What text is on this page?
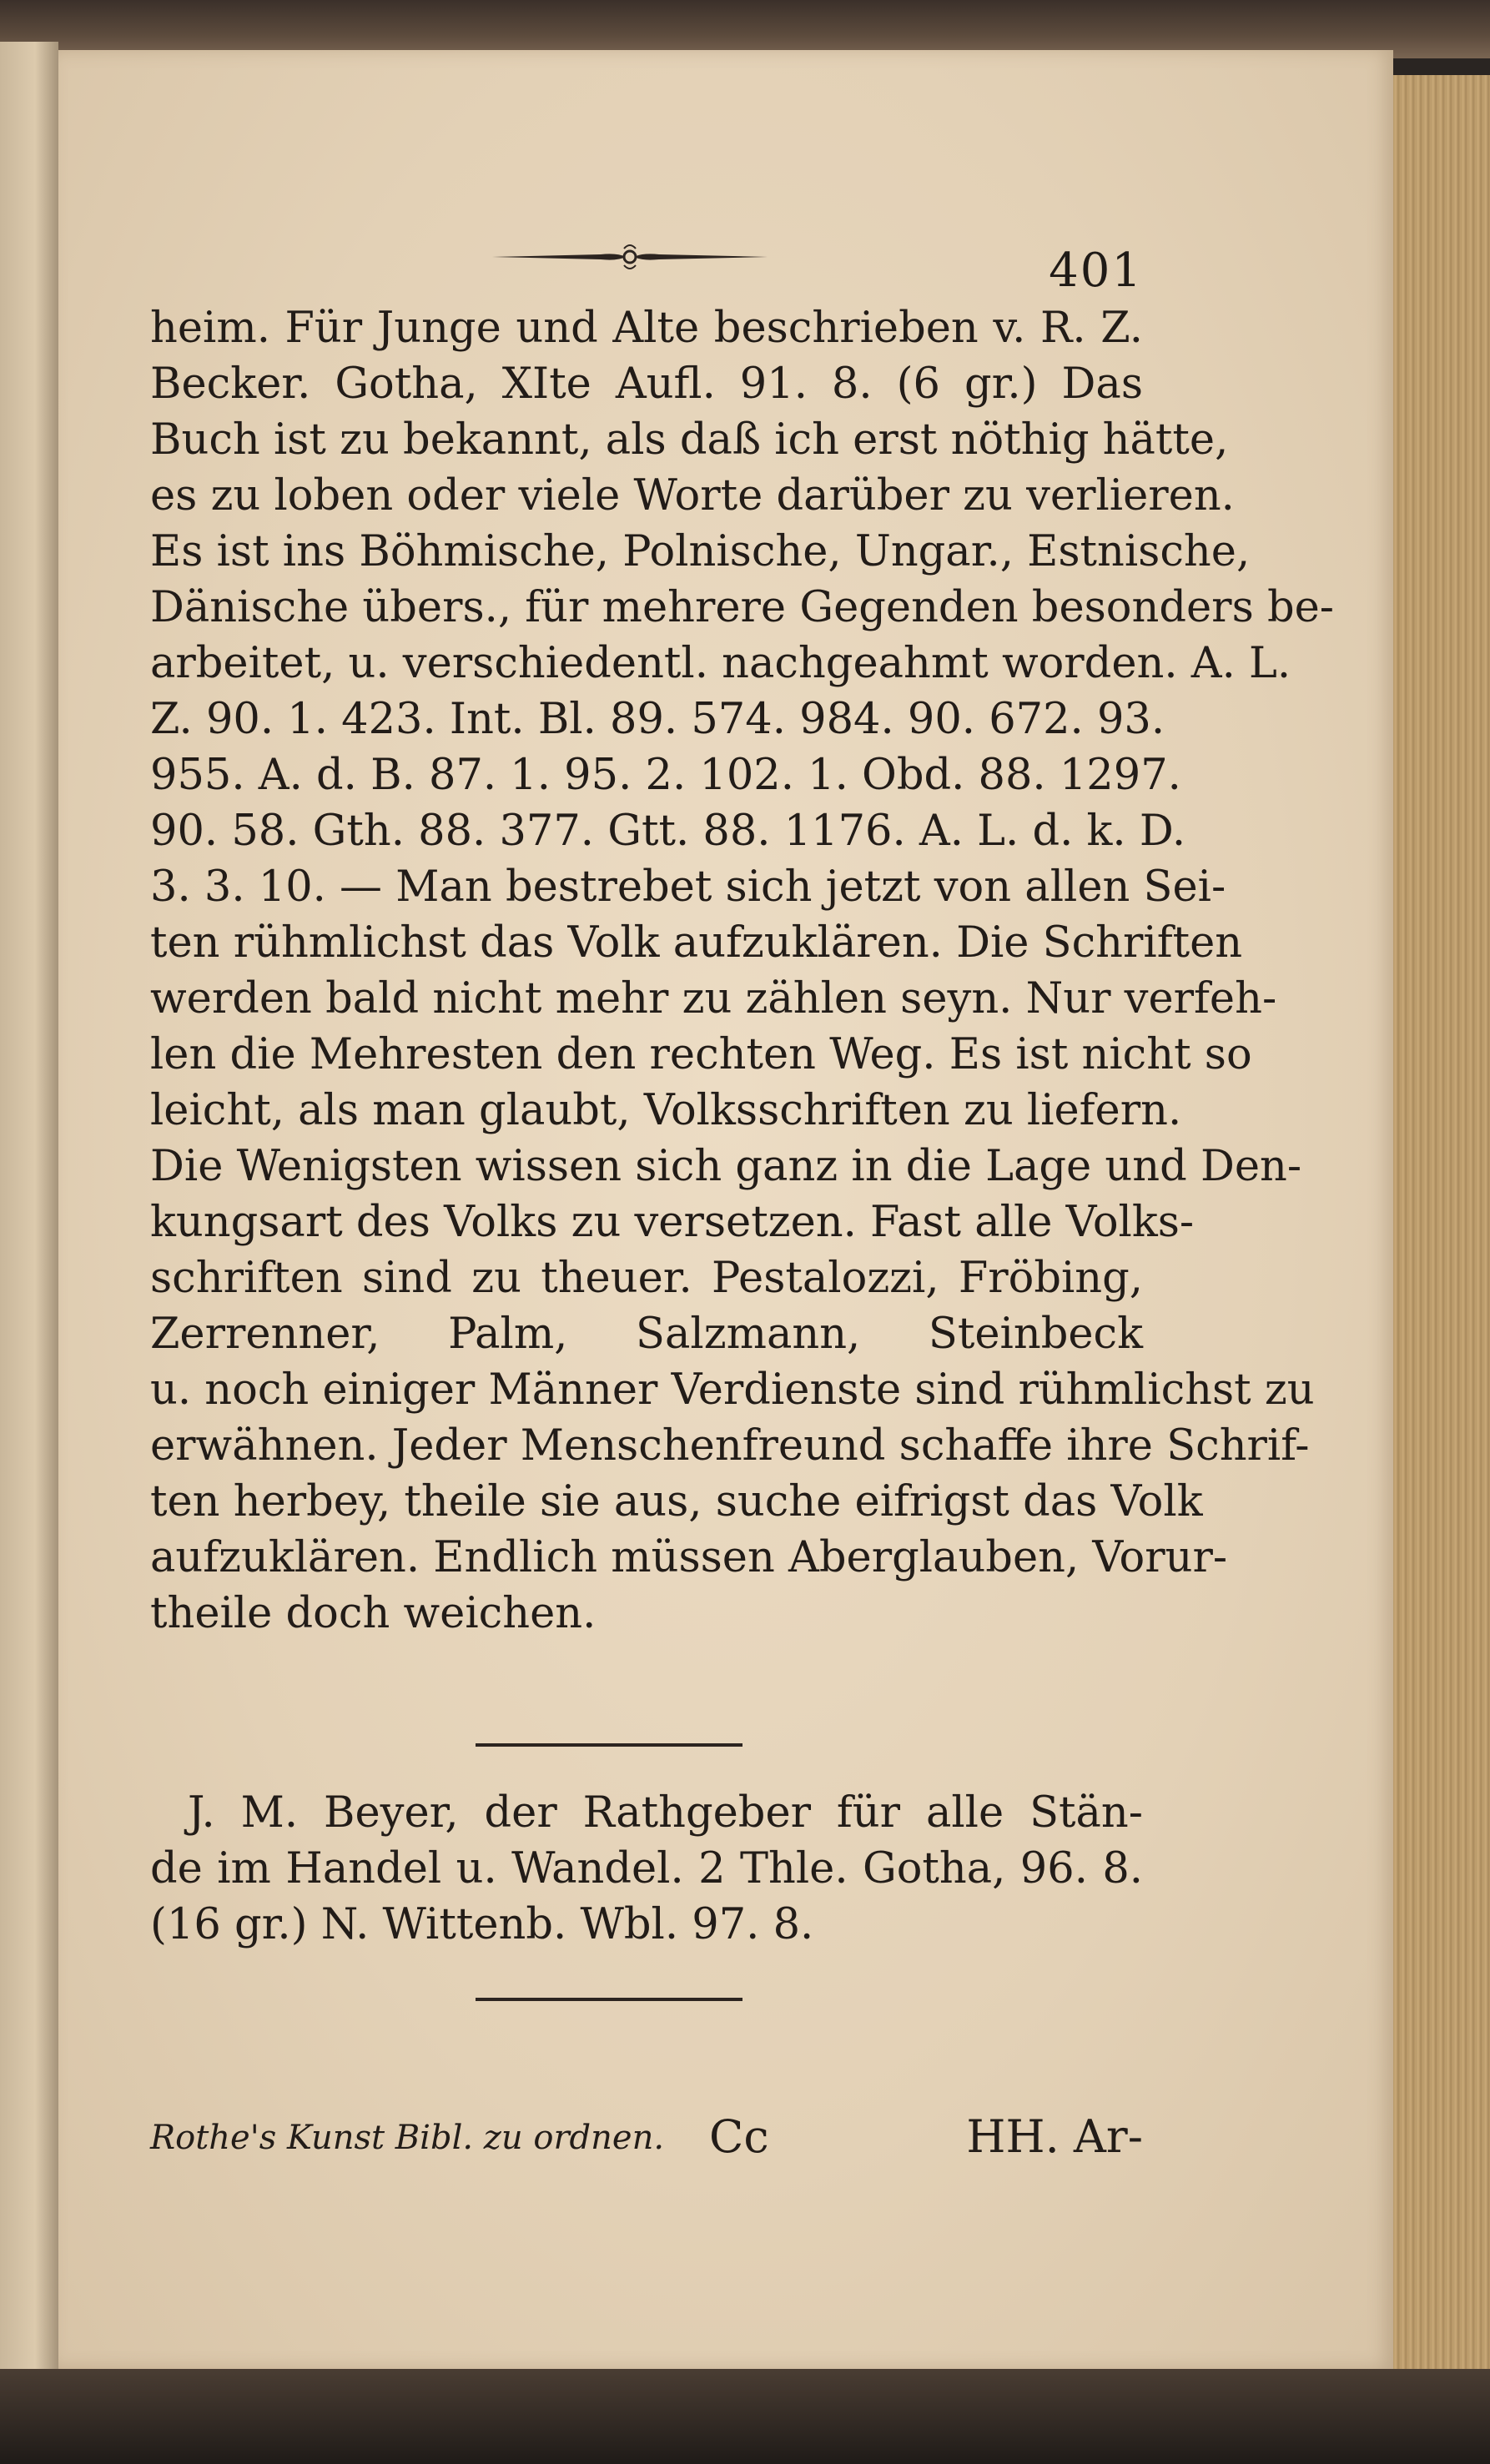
401
heim. Für Junge und Alte beschrieben v. R. Z.
Becker. Gotha, XIte Aufl. 91. 8. (6 gr.) Das
Buch ist zu bekannt, als daß ich erst nöthig hätte,
es zu loben oder viele Worte darüber zu verlieren.
Es ist ins Böhmische, Polnische, Ungar., Estnische,
Dänische übers., für mehrere Gegenden besonders be-
arbeitet, u. verschiedentl. nachgeahmt worden. A. L.
Z. 90. 1. 423. Int. Bl. 89. 574. 984. 90. 672. 93.
955. A. d. B. 87. 1. 95. 2. 102. 1. Obd. 88. 1297.
90. 58. Gth. 88. 377. Gtt. 88. 1176. A. L. d. k. D.
3. 3. 10. — Man bestrebet sich jetzt von allen Sei-
ten rühmlichst das Volk aufzuklären. Die Schriften
werden bald nicht mehr zu zählen seyn. Nur verfeh-
len die Mehresten den rechten Weg. Es ist nicht so
leicht, als man glaubt, Volksschriften zu liefern.
Die Wenigsten wissen sich ganz in die Lage und Den-
kungsart des Volks zu versetzen. Fast alle Volks-
schriften sind zu theuer. Pestalozzi, Fröbing,
Zerrenner, Palm, Salzmann, Steinbeck
u. noch einiger Männer Verdienste sind rühmlichst zu
erwähnen. Jeder Menschenfreund schaffe ihre Schrif-
ten herbey, theile sie aus, suche eifrigst das Volk
aufzuklären. Endlich müssen Aberglauben, Vorur-
theile doch weichen.
J. M. Beyer, der Rathgeber für alle Stän-
de im Handel u. Wandel. 2 Thle. Gotha, 96. 8.
(16 gr.) N. Wittenb. Wbl. 97. 8.
Rothe's Kunst Bibl. zu ordnen. Cc	HH. Ar-
